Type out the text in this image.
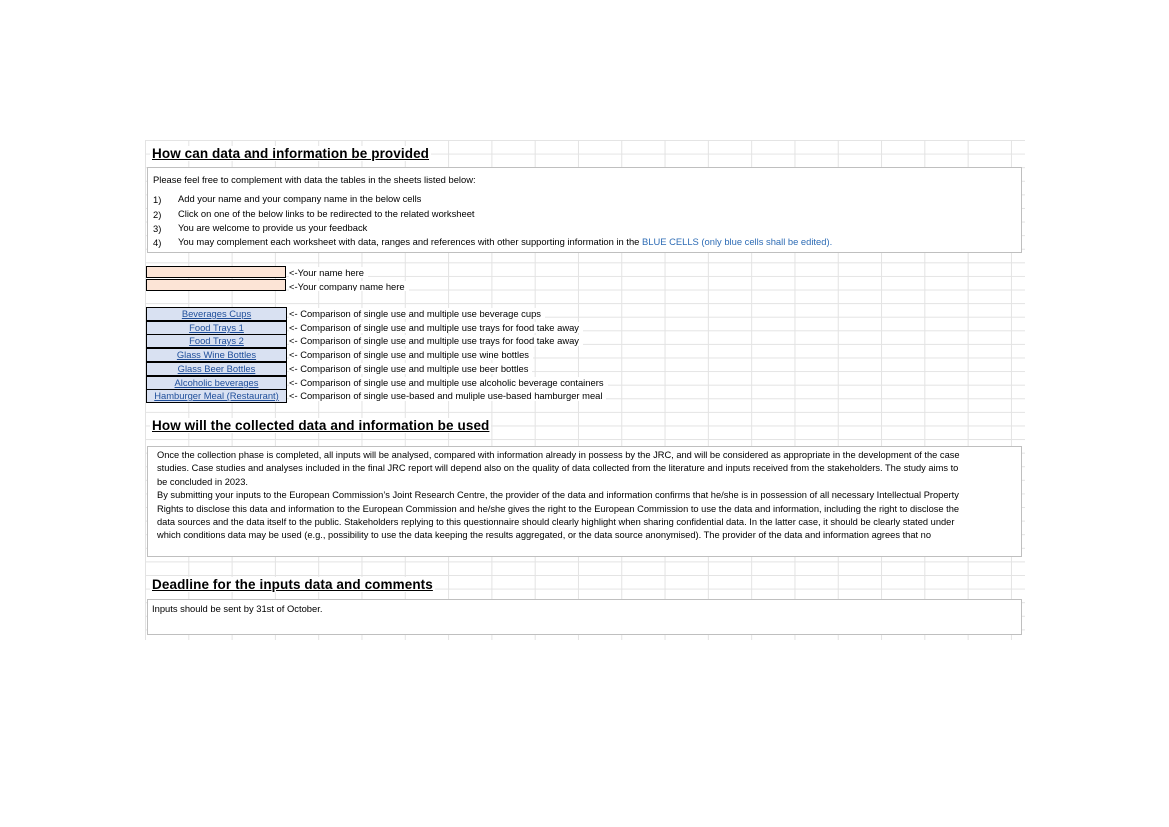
How can data and information be provided
Please feel free to complement with data the tables in the sheets listed below:
1) Add your name and your company name in the below cells
2) Click on one of the below links to be redirected to the related worksheet
3) You are welcome to provide us your feedback
4) You may complement each worksheet with data, ranges and references with other supporting information in the BLUE CELLS (only blue cells shall be edited).
<-Your name here
<-Your company name here
Beverages Cups	<- Comparison of single use and multiple use beverage cups
Food Trays 1	<- Comparison of single use and multiple use trays for food take away
Food Trays 2	<- Comparison of single use and multiple use trays for food take away
Glass Wine Bottles	<- Comparison of single use and multiple use wine bottles
Glass Beer Bottles	<- Comparison of single use and multiple use beer bottles
Alcoholic beverages	<- Comparison of single use and multiple use alcoholic beverage containers
Hamburger Meal (Restaurant)	<- Comparison of single use-based and muliple use-based hamburger meal
How will the collected data and information be used
Once the collection phase is completed, all inputs will be analysed, compared with information already in possess by the JRC, and will be considered as appropriate in the development of the case
studies. Case studies and analyses included in the final JRC report will depend also on the quality of data collected from the literature and inputs received from the stakeholders. The study aims to
be concluded in 2023.
By submitting your inputs to the European Commission’s Joint Research Centre, the provider of the data and information confirms that he/she is in possession of all necessary Intellectual Property
Rights to disclose this data and information to the European Commission and he/she gives the right to the European Commission to use the data and information, including the right to disclose the
data sources and the data itself to the public. Stakeholders replying to this questionnaire should clearly highlight when sharing confidential data. In the latter case, it should be clearly stated under
which conditions data may be used (e.g., possibility to use the data keeping the results aggregated, or the data source anonymised). The provider of the data and information agrees that no
Deadline for the inputs data and comments
Inputs should be sent by 31st of October.
